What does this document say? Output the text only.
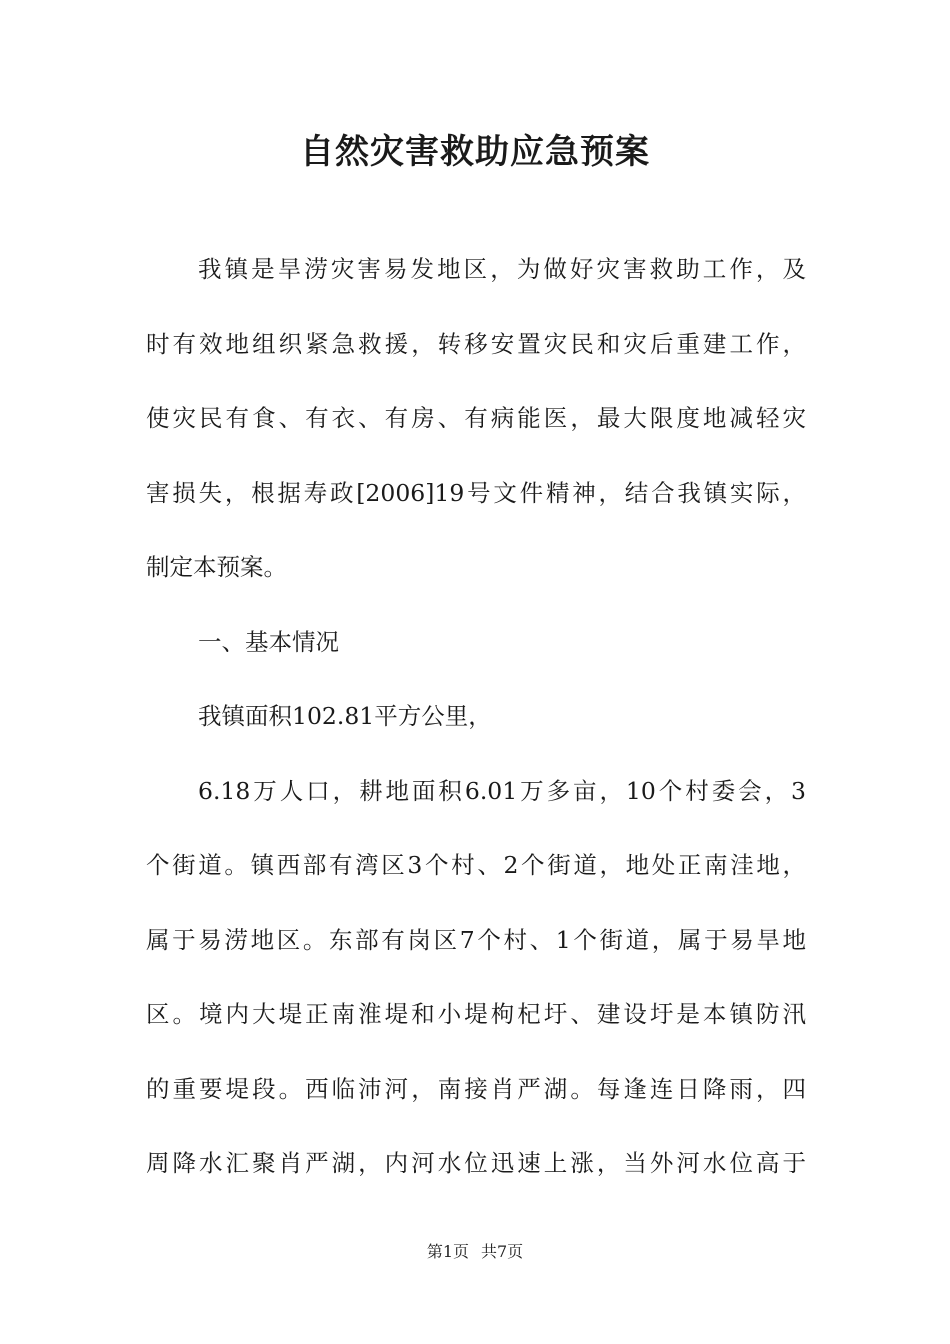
自然灾害救助应急预案
我镇是旱涝灾害易发地区，为做好灾害救助工作，及
时有效地组织紧急救援，转移安置灾民和灾后重建工作，
使灾民有食、有衣、有房、有病能医，最大限度地减轻灾
害损失，根据寿政[2006]19号文件精神，结合我镇实际，
制定本预案。
一、基本情况
我镇面积102.81平方公里，
6.18万人口，耕地面积6.01万多亩，10个村委会，3
个街道。镇西部有湾区3个村、2个街道，地处正南洼地，
属于易涝地区。东部有岗区7个村、1个街道，属于易旱地
区。境内大堤正南淮堤和小堤枸杞圩、建设圩是本镇防汛
的重要堤段。西临沛河，南接肖严湖。每逢连日降雨，四
周降水汇聚肖严湖，内河水位迅速上涨，当外河水位高于
第1页 共7页
